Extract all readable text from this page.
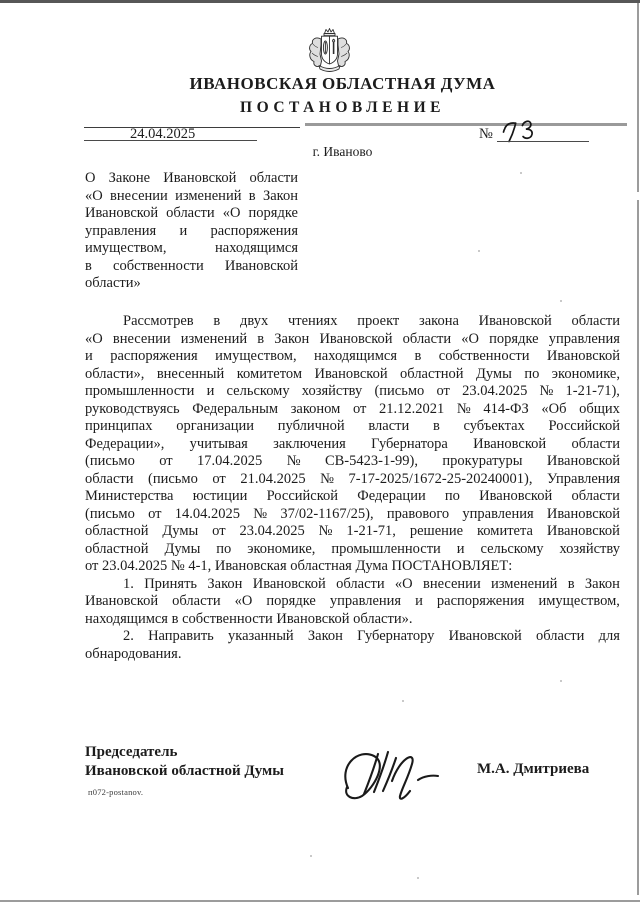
ИВАНОВСКАЯ ОБЛАСТНАЯ ДУМА
ПОСТАНОВЛЕНИЕ
24.04.2025	№
г. Иваново
О Законе Ивановской области
«О внесении изменений в Закон
Ивановской области «О порядке
управления и распоряжения
имуществом,	находящимся
в собственности Ивановской
области»
Рассмотрев в двух чтениях проект закона Ивановской области
«О внесении изменений в Закон Ивановской области «О порядке управления
и распоряжения имуществом, находящимся в собственности Ивановской
области», внесенный комитетом Ивановской областной Думы по экономике,
промышленности и сельскому хозяйству (письмо от 23.04.2025 № 1-21-71),
руководствуясь Федеральным законом от 21.12.2021 № 414-ФЗ «Об общих
принципах организации публичной власти в субъектах Российской
Федерации», учитывая заключения Губернатора Ивановской области
(письмо от 17.04.2025 № СВ-5423-1-99), прокуратуры Ивановской
области (письмо от 21.04.2025 № 7-17-2025/1672-25-20240001), Управления
Министерства юстиции Российской Федерации по Ивановской области
(письмо от 14.04.2025 № 37/02-1167/25), правового управления Ивановской
областной Думы от 23.04.2025 № 1-21-71, решение комитета Ивановской
областной Думы по экономике, промышленности и сельскому хозяйству
от 23.04.2025 № 4-1, Ивановская областная Дума ПОСТАНОВЛЯЕТ:
1. Принять Закон Ивановской области «О внесении изменений в Закон
Ивановской области «О порядке управления и распоряжения имуществом,
находящимся в собственности Ивановской области».
2. Направить указанный Закон Губернатору Ивановской области для
обнародования.
Председатель
Ивановской областной Думы	М.А. Дмитриева
п072-postanov.
